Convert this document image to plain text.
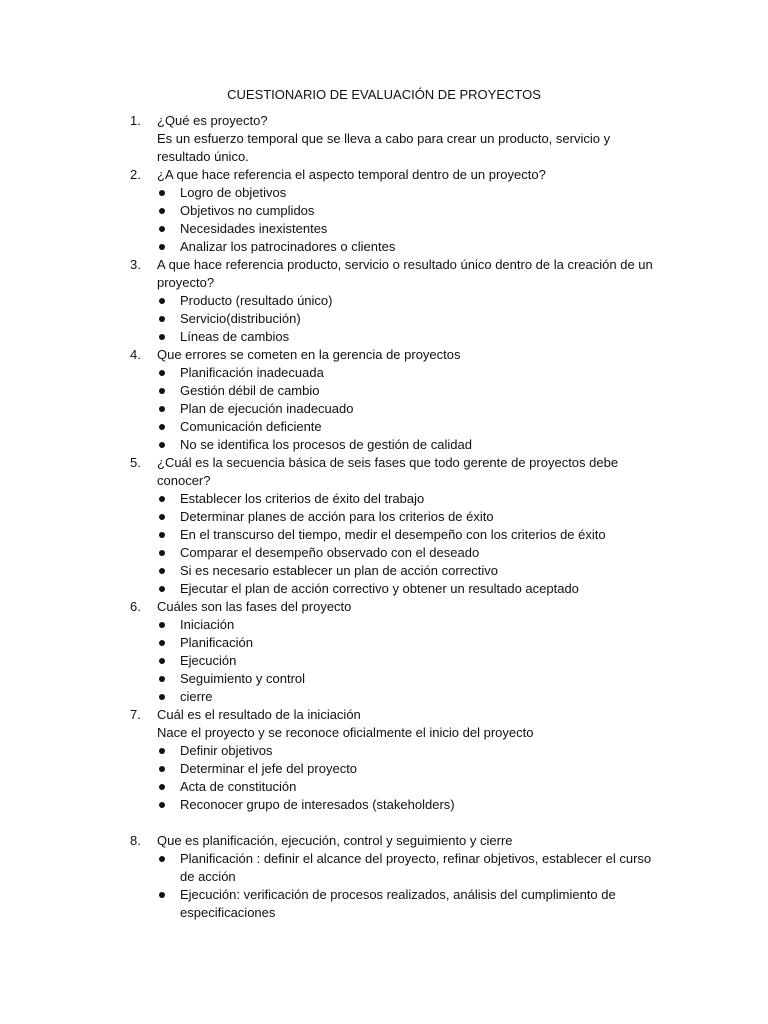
CUESTIONARIO DE EVALUACIÓN DE PROYECTOS
1. ¿Qué es proyecto?
Es un esfuerzo temporal que se lleva a cabo para crear un producto, servicio y
resultado único.
2. ¿A que hace referencia el aspecto temporal dentro de un proyecto?
Logro de objetivos
Objetivos no cumplidos
Necesidades inexistentes
Analizar los patrocinadores o clientes
3. A que hace referencia producto, servicio o resultado único dentro de la creación de un
proyecto?
Producto (resultado único)
Servicio(distribución)
Líneas de cambios
4. Que errores se cometen en la gerencia de proyectos
Planificación inadecuada
Gestión débil de cambio
Plan de ejecución inadecuado
Comunicación deficiente
No se identifica los procesos de gestión de calidad
5. ¿Cuál es la secuencia básica de seis fases que todo gerente de proyectos debe
conocer?
Establecer los criterios de éxito del trabajo
Determinar planes de acción para los criterios de éxito
En el transcurso del tiempo, medir el desempeño con los criterios de éxito
Comparar el desempeño observado con el deseado
Si es necesario establecer un plan de acción correctivo
Ejecutar el plan de acción correctivo y obtener un resultado aceptado
6. Cuáles son las fases del proyecto
Iniciación
Planificación
Ejecución
Seguimiento y control
cierre
7. Cuál es el resultado de la iniciación
Nace el proyecto y se reconoce oficialmente el inicio del proyecto
Definir objetivos
Determinar el jefe del proyecto
Acta de constitución
Reconocer grupo de interesados (stakeholders)
8. Que es planificación, ejecución, control y seguimiento y cierre
Planificación : definir el alcance del proyecto, refinar objetivos, establecer el curso
de acción
Ejecución: verificación de procesos realizados, análisis del cumplimiento de
especificaciones
